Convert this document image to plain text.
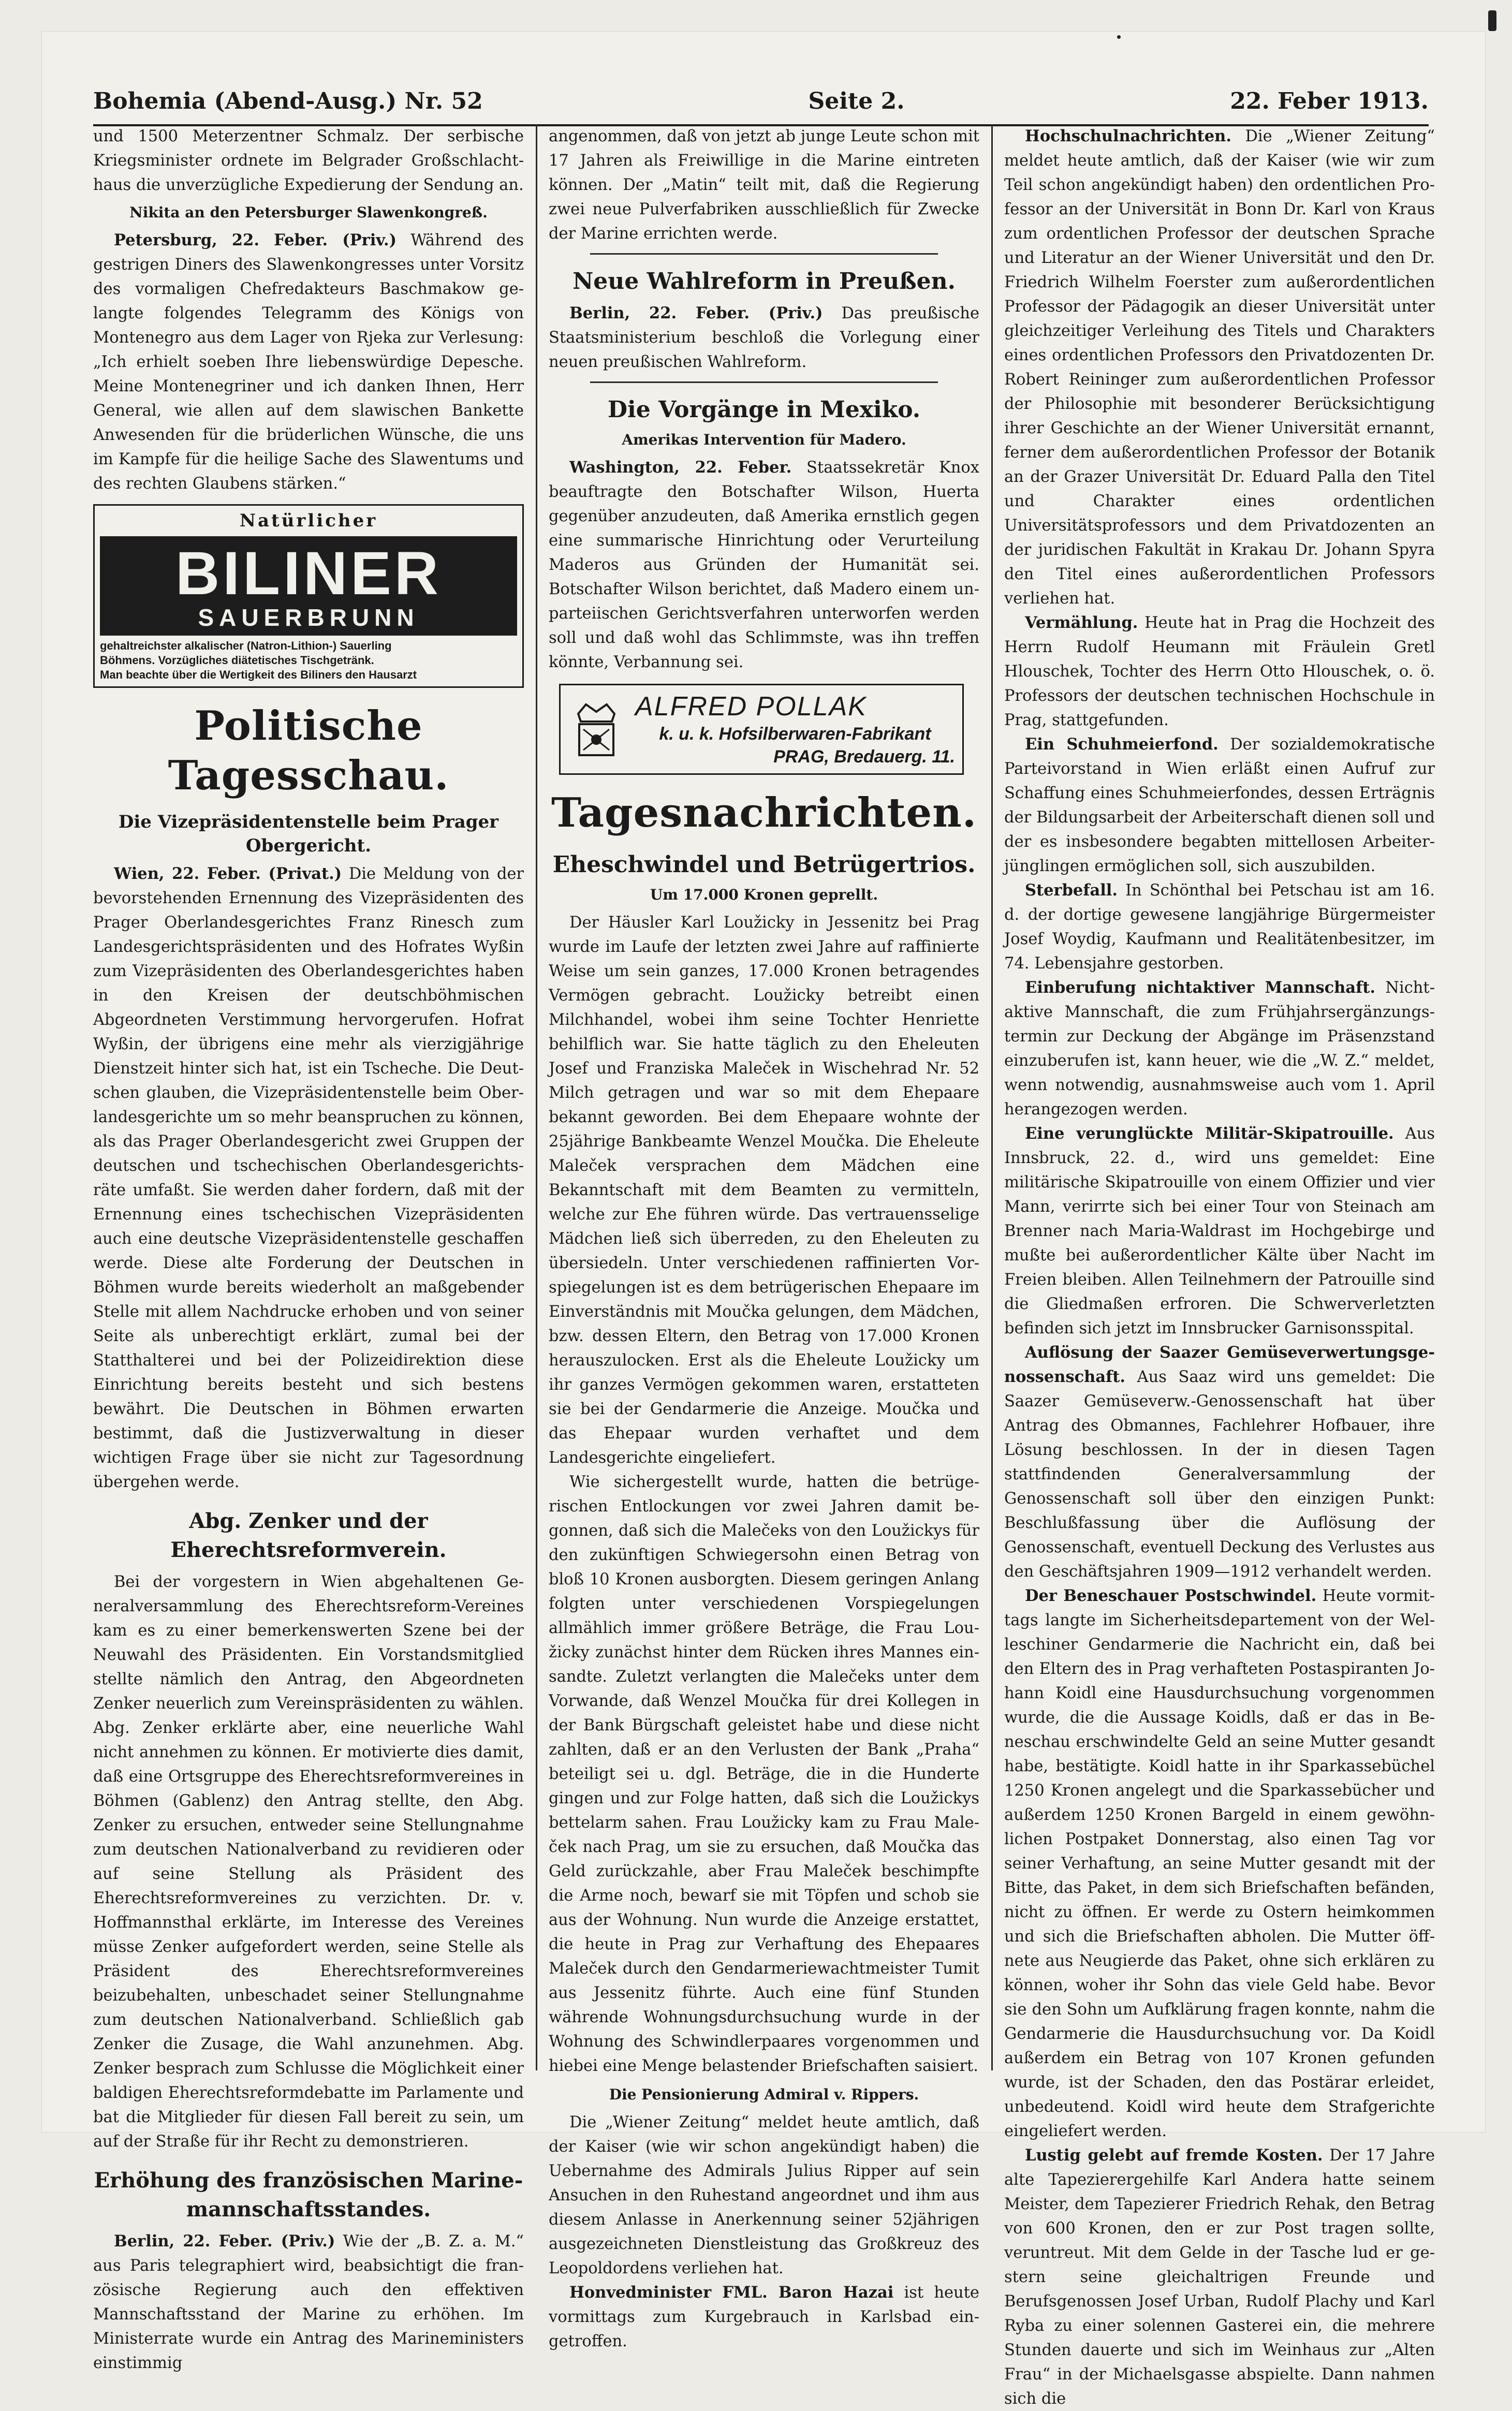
Bohemia (Abend-Ausg.) Nr. 52	Seite 2.	22. Feber 1913.

und 1500 Meterzentner Schmalz. Der serbische Kriegsminister ordnete im Belgrader Großschlachthaus die unverzügliche Expedierung der Sendung an.

Nikita an den Petersburger Slawenkongreß.

Petersburg, 22. Feber. (Priv.) Während des gestrigen Diners des Slawenkongresses unter Vorsitz des vormaligen Chefredakteurs Baschmakow gelangte folgendes Telegramm des Königs von Montenegro aus dem Lager von Rjeka zur Verlesung: „Ich erhielt soeben Ihre liebenswürdige Depesche. Meine Montenegriner und ich danken Ihnen, Herr General, wie allen auf dem slawischen Bankette Anwesenden für die brüderlichen Wünsche, die uns im Kampfe für die heilige Sache des Slawentums und des rechten Glaubens stärken.“

Natürlicher
BILINER
SAUERBRUNN
gehaltreichster alkalischer (Natron-Lithion-) Sauerling
Böhmens. Vorzügliches diätetisches Tischgetränk.
Man beachte über die Wertigkeit des Biliners den Hausarzt
Politische Tagesschau.
Die Vizepräsidentenstelle beim Prager Obergericht.

Wien, 22. Feber. (Privat.) Die Meldung von der bevorstehenden Ernennung des Vizepräsidenten des Prager Oberlandesgerichtes Franz Rinesch zum Landesgerichtspräsidenten und des Hofrates Wyßin zum Vizepräsidenten des Oberlandesgerichtes haben in den Kreisen der deutschböhmischen Abgeordneten Verstimmung hervorgerufen. Hofrat Wyßin, der übrigens eine mehr als vierzigjährige Dienstzeit hinter sich hat, ist ein Tscheche. Die Deutschen glauben, die Vizepräsidentenstelle beim Oberlandesgerichte um so mehr beanspruchen zu können, als das Prager Oberlandesgericht zwei Gruppen der deutschen und tschechischen Oberlandesgerichtsräte umfaßt. Sie werden daher fordern, daß mit der Ernennung eines tschechischen Vizepräsidenten auch eine deutsche Vizepräsidentenstelle geschaffen werde. Diese alte Forderung der Deutschen in Böhmen wurde bereits wiederholt an maßgebender Stelle mit allem Nachdrucke erhoben und von seiner Seite als unberechtigt erklärt, zumal bei der Statthalterei und bei der Polizeidirektion diese Einrichtung bereits besteht und sich bestens bewährt. Die Deutschen in Böhmen erwarten bestimmt, daß die Justizverwaltung in dieser wichtigen Frage über sie nicht zur Tagesordnung übergehen werde.

Abg. Zenker und der Eherechtsreformverein.

Bei der vorgestern in Wien abgehaltenen Generalversammlung des Eherechtsreform-Vereines kam es zu einer bemerkenswerten Szene bei der Neuwahl des Präsidenten. Ein Vorstandsmitglied stellte nämlich den Antrag, den Abgeordneten Zenker neuerlich zum Vereinspräsidenten zu wählen. Abg. Zenker erklärte aber, eine neuerliche Wahl nicht annehmen zu können. Er motivierte dies damit, daß eine Ortsgruppe des Eherechtsreformvereines in Böhmen (Gablenz) den Antrag stellte, den Abg. Zenker zu ersuchen, entweder seine Stellungnahme zum deutschen Nationalverband zu revidieren oder auf seine Stellung als Präsident des Eherechtsreformvereines zu verzichten. Dr. v. Hoffmannsthal erklärte, im Interesse des Vereines müsse Zenker aufgefordert werden, seine Stelle als Präsident des Eherechtsreformvereines beizubehalten, unbeschadet seiner Stellungnahme zum deutschen Nationalverband. Schließlich gab Zenker die Zusage, die Wahl anzunehmen. Abg. Zenker besprach zum Schlusse die Möglichkeit einer baldigen Eherechtsreformdebatte im Parlamente und bat die Mitglieder für diesen Fall bereit zu sein, um auf der Straße für ihr Recht zu demonstrieren.

Erhöhung des französischen Marinemannschaftsstandes.

Berlin, 22. Feber. (Priv.) Wie der „B. Z. a. M.“ aus Paris telegraphiert wird, beabsichtigt die französische Regierung auch den effektiven Mannschaftsstand der Marine zu erhöhen. Im Ministerrate wurde ein Antrag des Marineministers einstimmig

angenommen, daß von jetzt ab junge Leute schon mit 17 Jahren als Freiwillige in die Marine eintreten können. Der „Matin“ teilt mit, daß die Regierung zwei neue Pulverfabriken ausschließlich für Zwecke der Marine errichten werde.

Neue Wahlreform in Preußen.

Berlin, 22. Feber. (Priv.) Das preußische Staatsministerium beschloß die Vorlegung einer neuen preußischen Wahlreform.

Die Vorgänge in Mexiko.
Amerikas Intervention für Madero.

Washington, 22. Feber. Staatssekretär Knox beauftragte den Botschafter Wilson, Huerta gegenüber anzudeuten, daß Amerika ernstlich gegen eine summarische Hinrichtung oder Verurteilung Maderos aus Gründen der Humanität sei. Botschafter Wilson berichtet, daß Madero einem unparteiischen Gerichtsverfahren unterworfen werden soll und daß wohl das Schlimmste, was ihn treffen könnte, Verbannung sei.

ALFRED POLLAK
k. u. k. Hofsilberwaren-Fabrikant
PRAG, Bredauerg. 11.
Tagesnachrichten.
Eheschwindel und Betrügertrios.
Um 17.000 Kronen geprellt.

Der Häusler Karl Loužicky in Jessenitz bei Prag wurde im Laufe der letzten zwei Jahre auf raffinierte Weise um sein ganzes, 17.000 Kronen betragendes Vermögen gebracht. Loužicky betreibt einen Milchhandel, wobei ihm seine Tochter Henriette behilflich war. Sie hatte täglich zu den Eheleuten Josef und Franziska Maleček in Wischehrad Nr. 52 Milch getragen und war so mit dem Ehepaare bekannt geworden. Bei dem Ehepaare wohnte der 25jährige Bankbeamte Wenzel Moučka. Die Eheleute Maleček versprachen dem Mädchen eine Bekanntschaft mit dem Beamten zu vermitteln, welche zur Ehe führen würde. Das vertrauensselige Mädchen ließ sich überreden, zu den Eheleuten zu übersiedeln. Unter verschiedenen raffinierten Vorspiegelungen ist es dem betrügerischen Ehepaare im Einverständnis mit Moučka gelungen, dem Mädchen, bzw. dessen Eltern, den Betrag von 17.000 Kronen herauszulocken. Erst als die Eheleute Loužicky um ihr ganzes Vermögen gekommen waren, erstatteten sie bei der Gendarmerie die Anzeige. Moučka und das Ehepaar wurden verhaftet und dem Landesgerichte eingeliefert.

Wie sichergestellt wurde, hatten die betrügerischen Entlockungen vor zwei Jahren damit begonnen, daß sich die Malečeks von den Loužickys für den zukünftigen Schwiegersohn einen Betrag von bloß 10 Kronen ausborgten. Diesem geringen Anlang folgten unter verschiedenen Vorspiegelungen allmählich immer größere Beträge, die Frau Loužicky zunächst hinter dem Rücken ihres Mannes einsandte. Zuletzt verlangten die Malečeks unter dem Vorwande, daß Wenzel Moučka für drei Kollegen in der Bank Bürgschaft geleistet habe und diese nicht zahlten, daß er an den Verlusten der Bank „Praha“ beteiligt sei u. dgl. Beträge, die in die Hunderte gingen und zur Folge hatten, daß sich die Loužickys bettelarm sahen. Frau Loužicky kam zu Frau Maleček nach Prag, um sie zu ersuchen, daß Moučka das Geld zurückzahle, aber Frau Maleček beschimpfte die Arme noch, bewarf sie mit Töpfen und schob sie aus der Wohnung. Nun wurde die Anzeige erstattet, die heute in Prag zur Verhaftung des Ehepaares Maleček durch den Gendarmeriewachtmeister Tumit aus Jessenitz führte. Auch eine fünf Stunden währende Wohnungsdurchsuchung wurde in der Wohnung des Schwindlerpaares vorgenommen und hiebei eine Menge belastender Briefschaften saisiert.

Die Pensionierung Admiral v. Rippers.

Die „Wiener Zeitung“ meldet heute amtlich, daß der Kaiser (wie wir schon angekündigt haben) die Uebernahme des Admirals Julius Ripper auf sein Ansuchen in den Ruhestand angeordnet und ihm aus diesem Anlasse in Anerkennung seiner 52jährigen ausgezeichneten Dienstleistung das Großkreuz des Leopoldordens verliehen hat.

Honvedminister FML. Baron Hazai ist heute vormittags zum Kurgebrauch in Karlsbad eingetroffen.

Hochschulnachrichten. Die „Wiener Zeitung“ meldet heute amtlich, daß der Kaiser (wie wir zum Teil schon angekündigt haben) den ordentlichen Professor an der Universität in Bonn Dr. Karl von Kraus zum ordentlichen Professor der deutschen Sprache und Literatur an der Wiener Universität und den Dr. Friedrich Wilhelm Foerster zum außerordentlichen Professor der Pädagogik an dieser Universität unter gleichzeitiger Verleihung des Titels und Charakters eines ordentlichen Professors den Privatdozenten Dr. Robert Reininger zum außerordentlichen Professor der Philosophie mit besonderer Berücksichtigung ihrer Geschichte an der Wiener Universität ernannt, ferner dem außerordentlichen Professor der Botanik an der Grazer Universität Dr. Eduard Palla den Titel und Charakter eines ordentlichen Universitätsprofessors und dem Privatdozenten an der juridischen Fakultät in Krakau Dr. Johann Spyra den Titel eines außerordentlichen Professors verliehen hat.

Vermählung. Heute hat in Prag die Hochzeit des Herrn Rudolf Heumann mit Fräulein Gretl Hlouschek, Tochter des Herrn Otto Hlouschek, o. ö. Professors der deutschen technischen Hochschule in Prag, stattgefunden.

Ein Schuhmeierfond. Der sozialdemokratische Parteivorstand in Wien erläßt einen Aufruf zur Schaffung eines Schuhmeierfondes, dessen Erträgnis der Bildungsarbeit der Arbeiterschaft dienen soll und der es insbesondere begabten mittellosen Arbeiterjünglingen ermöglichen soll, sich auszubilden.

Sterbefall. In Schönthal bei Petschau ist am 16. d. der dortige gewesene langjährige Bürgermeister Josef Woydig, Kaufmann und Realitätenbesitzer, im 74. Lebensjahre gestorben.

Einberufung nichtaktiver Mannschaft. Nichtaktive Mannschaft, die zum Frühjahrsergänzungstermin zur Deckung der Abgänge im Präsenzstand einzuberufen ist, kann heuer, wie die „W. Z.“ meldet, wenn notwendig, ausnahmsweise auch vom 1. April herangezogen werden.

Eine verunglückte Militär-Skipatrouille. Aus Innsbruck, 22. d., wird uns gemeldet: Eine militärische Skipatrouille von einem Offizier und vier Mann, verirrte sich bei einer Tour von Steinach am Brenner nach Maria-Waldrast im Hochgebirge und mußte bei außerordentlicher Kälte über Nacht im Freien bleiben. Allen Teilnehmern der Patrouille sind die Gliedmaßen erfroren. Die Schwerverletzten befinden sich jetzt im Innsbrucker Garnisonsspital.

Auflösung der Saazer Gemüseverwertungsgenossenschaft. Aus Saaz wird uns gemeldet: Die Saazer Gemüseverw.-Genossenschaft hat über Antrag des Obmannes, Fachlehrer Hofbauer, ihre Lösung beschlossen. In der in diesen Tagen stattfindenden Generalversammlung der Genossenschaft soll über den einzigen Punkt: Beschlußfassung über die Auflösung der Genossenschaft, eventuell Deckung des Verlustes aus den Geschäftsjahren 1909—1912 verhandelt werden.

Der Beneschauer Postschwindel. Heute vormittags langte im Sicherheitsdepartement von der Welleschiner Gendarmerie die Nachricht ein, daß bei den Eltern des in Prag verhafteten Postaspiranten Johann Koidl eine Hausdurchsuchung vorgenommen wurde, die die Aussage Koidls, daß er das in Beneschau erschwindelte Geld an seine Mutter gesandt habe, bestätigte. Koidl hatte in ihr Sparkassebüchel 1250 Kronen angelegt und die Sparkassebücher und außerdem 1250 Kronen Bargeld in einem gewöhnlichen Postpaket Donnerstag, also einen Tag vor seiner Verhaftung, an seine Mutter gesandt mit der Bitte, das Paket, in dem sich Briefschaften befänden, nicht zu öffnen. Er werde zu Ostern heimkommen und sich die Briefschaften abholen. Die Mutter öffnete aus Neugierde das Paket, ohne sich erklären zu können, woher ihr Sohn das viele Geld habe. Bevor sie den Sohn um Aufklärung fragen konnte, nahm die Gendarmerie die Hausdurchsuchung vor. Da Koidl außerdem ein Betrag von 107 Kronen gefunden wurde, ist der Schaden, den das Postärar erleidet, unbedeutend. Koidl wird heute dem Strafgerichte eingeliefert werden.

Lustig gelebt auf fremde Kosten. Der 17 Jahre alte Tapezierergehilfe Karl Andera hatte seinem Meister, dem Tapezierer Friedrich Rehak, den Betrag von 600 Kronen, den er zur Post tragen sollte, veruntreut. Mit dem Gelde in der Tasche lud er gestern seine gleichaltrigen Freunde und Berufsgenossen Josef Urban, Rudolf Plachy und Karl Ryba zu einer solennen Gasterei ein, die mehrere Stunden dauerte und sich im Weinhaus zur „Alten Frau“ in der Michaelsgasse abspielte. Dann nahmen sich die
